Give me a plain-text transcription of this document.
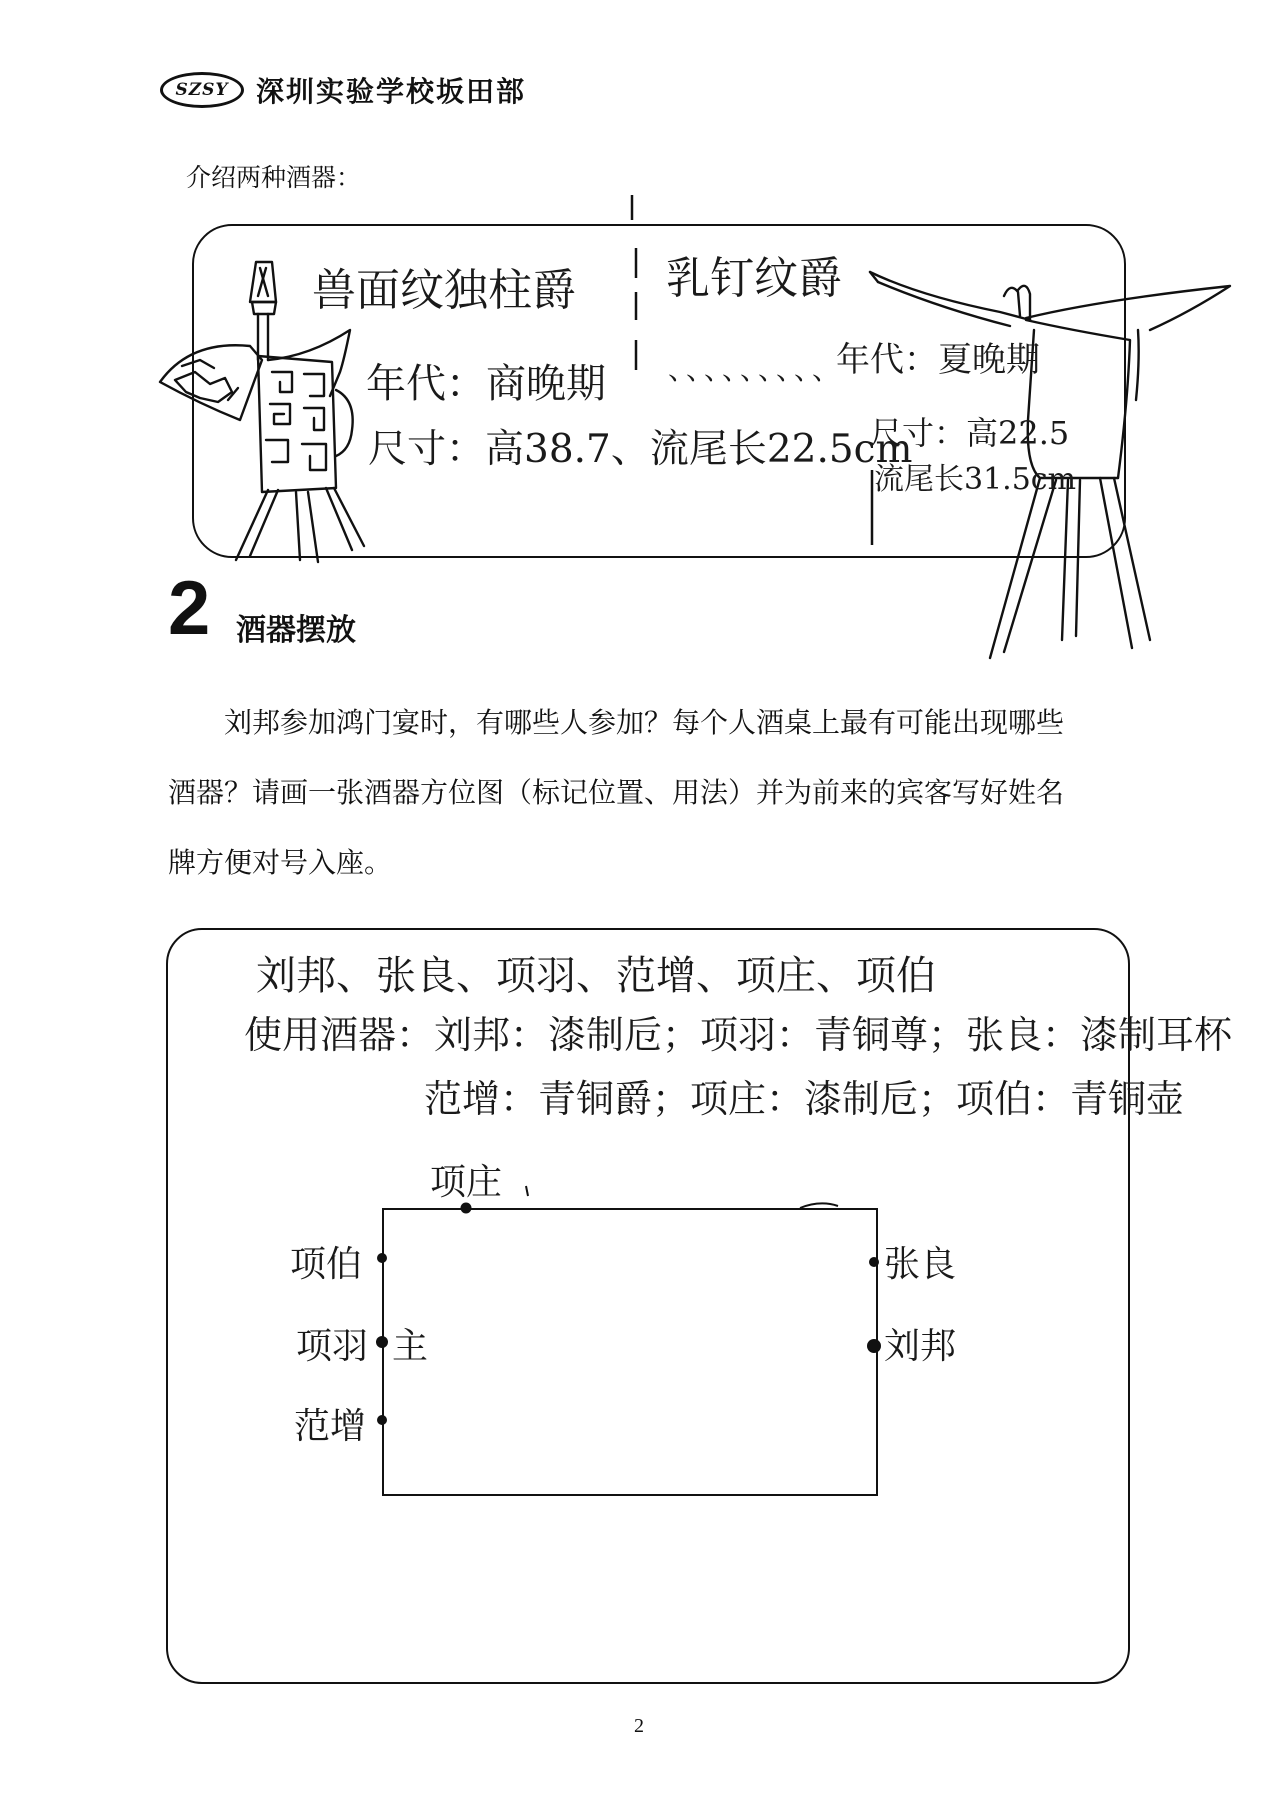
SZSY 深圳实验学校坂田部
介绍两种酒器：
兽面纹独柱爵
年代：商晚期
尺寸：高38.7、流尾长22.5cm
乳钉纹爵
、、、、、、、、、
年代：夏晚期
尺寸：高22.5
流尾长31.5cm
2 酒器摆放
刘邦参加鸿门宴时，有哪些人参加？每个人酒桌上最有可能出现哪些
酒器？请画一张酒器方位图（标记位置、用法）并为前来的宾客写好姓名
牌方便对号入座。
刘邦、张良、项羽、范增、项庄、项伯
使用酒器：刘邦：漆制卮；项羽：青铜尊；张良：漆制耳杯
范增：青铜爵；项庄：漆制卮；项伯：青铜壶
项庄
项伯
项羽 主
范增
张良
刘邦
2
